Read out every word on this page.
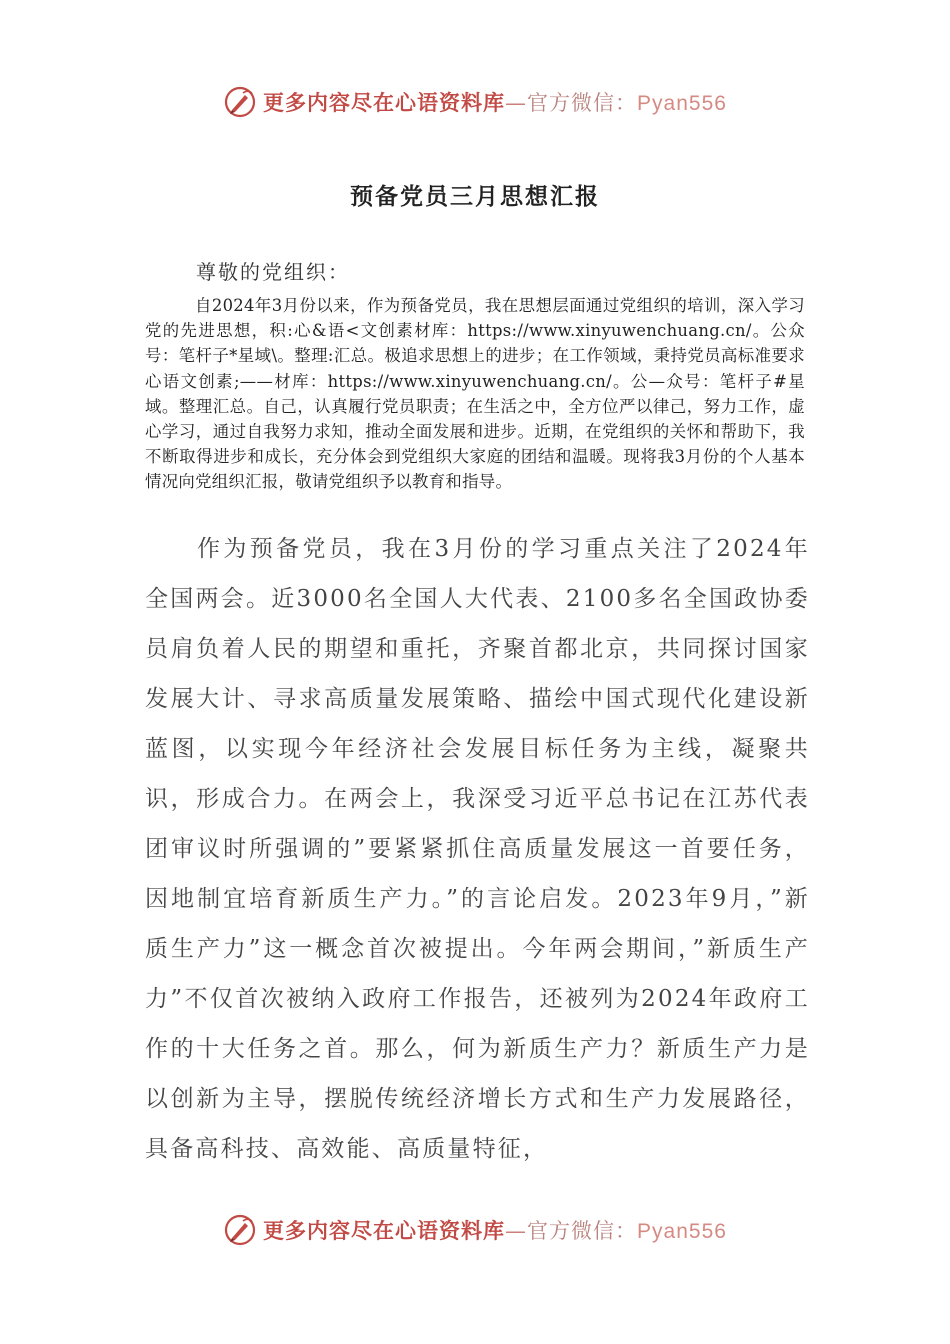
更多内容尽在心语资料库—官方微信：Pyan556
预备党员三月思想汇报
尊敬的党组织：
自2024年3月份以来，作为预备党员，我在思想层面通过党组织的培训，深入学习党的先进思想，积:心&语<文创素材库：https://www.xinyuwenchuang.cn/。公众号：笔杆子*星域\。整理:汇总。极追求思想上的进步；在工作领域，秉持党员高标准要求心语文创素;——材库：https://www.xinyuwenchuang.cn/。公—众号：笔杆子#星域。整理汇总。自己，认真履行党员职责；在生活之中，全方位严以律己，努力工作，虚心学习，通过自我努力求知，推动全面发展和进步。近期，在党组织的关怀和帮助下，我不断取得进步和成长，充分体会到党组织大家庭的团结和温暖。现将我3月份的个人基本情况向党组织汇报，敬请党组织予以教育和指导。
作为预备党员，我在3月份的学习重点关注了2024年全国两会。近3000名全国人大代表、2100多名全国政协委员肩负着人民的期望和重托，齐聚首都北京，共同探讨国家发展大计、寻求高质量发展策略、描绘中国式现代化建设新蓝图，以实现今年经济社会发展目标任务为主线，凝聚共识，形成合力。在两会上，我深受习近平总书记在江苏代表团审议时所强调的”要紧紧抓住高质量发展这一首要任务，因地制宜培育新质生产力。”的言论启发。2023年9月，”新质生产力”这一概念首次被提出。今年两会期间，”新质生产力”不仅首次被纳入政府工作报告，还被列为2024年政府工作的十大任务之首。那么，何为新质生产力？新质生产力是以创新为主导，摆脱传统经济增长方式和生产力发展路径，具备高科技、高效能、高质量特征，
更多内容尽在心语资料库—官方微信：Pyan556
